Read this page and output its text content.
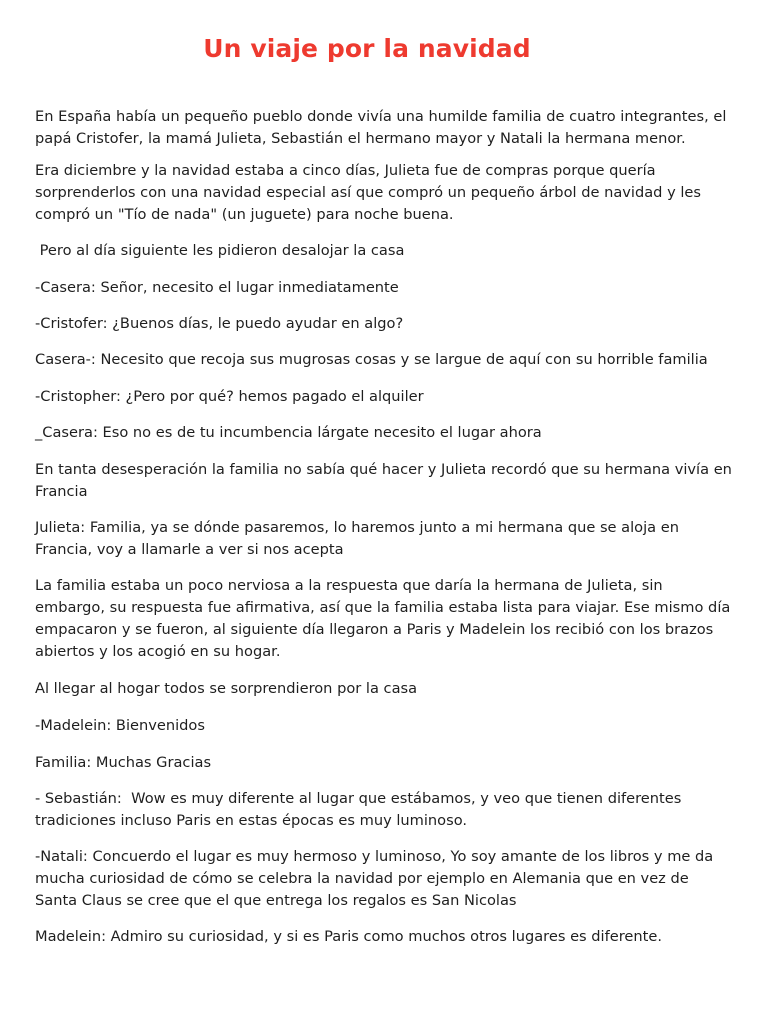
Un viaje por la navidad

En España había un pequeño pueblo donde vivía una humilde familia de cuatro integrantes, el papá Cristofer, la mamá Julieta, Sebastián el hermano mayor y Natali la hermana menor.

Era diciembre y la navidad estaba a cinco días, Julieta fue de compras porque quería sorprenderlos con una navidad especial así que compró un pequeño árbol de navidad y les compró un "Tío de nada" (un juguete) para noche buena.

Pero al día siguiente les pidieron desalojar la casa

-Casera: Señor, necesito el lugar inmediatamente

-Cristofer: ¿Buenos días, le puedo ayudar en algo?

Casera-: Necesito que recoja sus mugrosas cosas y se largue de aquí con su horrible familia

-Cristopher: ¿Pero por qué? hemos pagado el alquiler

_Casera: Eso no es de tu incumbencia lárgate necesito el lugar ahora

En tanta desesperación la familia no sabía qué hacer y Julieta recordó que su hermana vivía en Francia

Julieta: Familia, ya se dónde pasaremos, lo haremos junto a mi hermana que se aloja en Francia, voy a llamarle a ver si nos acepta

La familia estaba un poco nerviosa a la respuesta que daría la hermana de Julieta, sin embargo, su respuesta fue afirmativa, así que la familia estaba lista para viajar. Ese mismo día empacaron y se fueron, al siguiente día llegaron a Paris y Madelein los recibió con los brazos abiertos y los acogió en su hogar.

Al llegar al hogar todos se sorprendieron por la casa

-Madelein: Bienvenidos

Familia: Muchas Gracias

- Sebastián:  Wow es muy diferente al lugar que estábamos, y veo que tienen diferentes tradiciones incluso Paris en estas épocas es muy luminoso.

-Natali: Concuerdo el lugar es muy hermoso y luminoso, Yo soy amante de los libros y me da mucha curiosidad de cómo se celebra la navidad por ejemplo en Alemania que en vez de Santa Claus se cree que el que entrega los regalos es San Nicolas

Madelein: Admiro su curiosidad, y si es Paris como muchos otros lugares es diferente.
